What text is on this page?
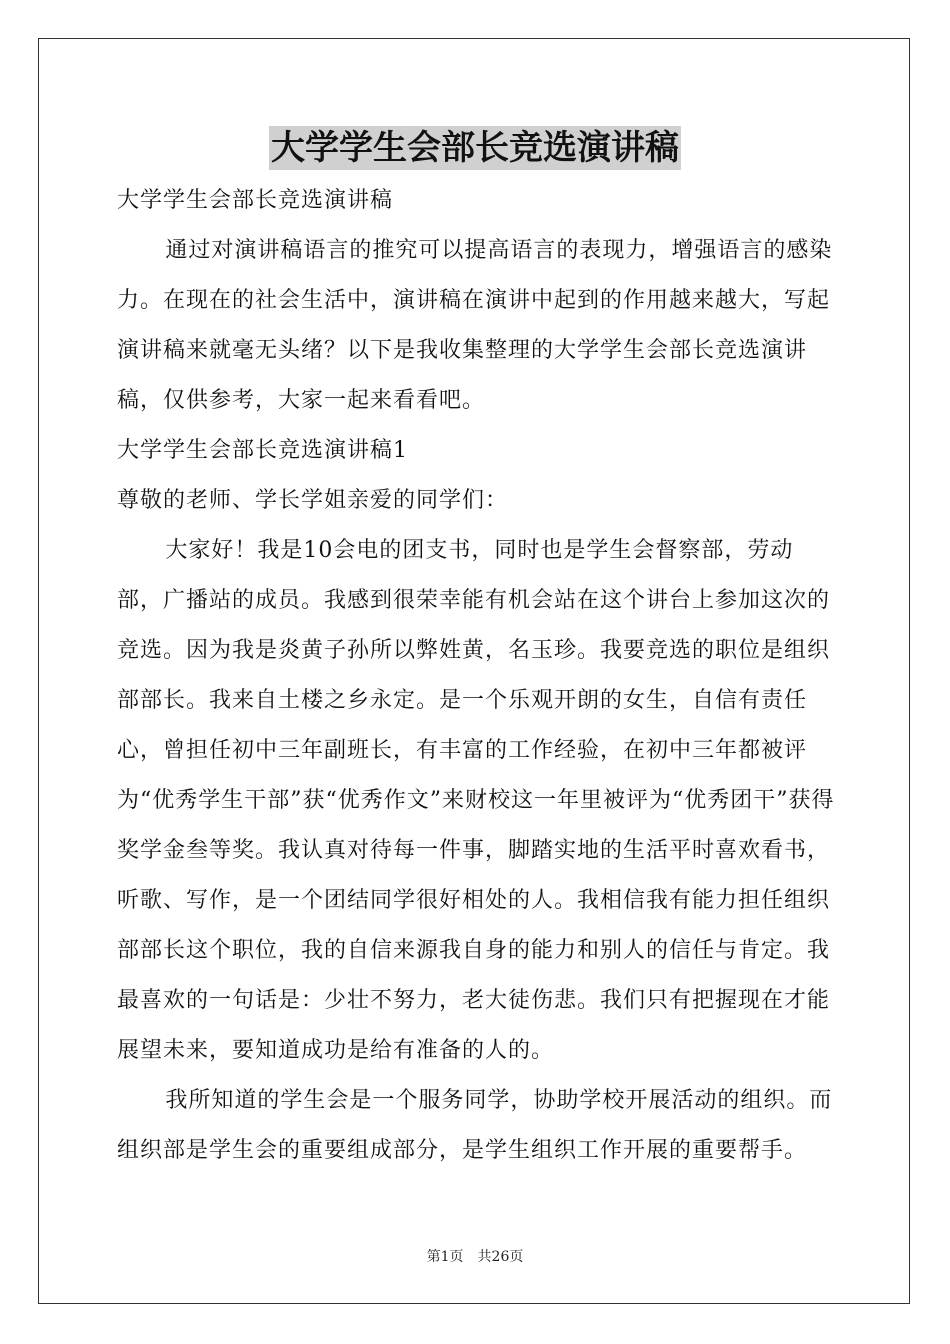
大学学生会部长竞选演讲稿

大学学生会部长竞选演讲稿

通过对演讲稿语言的推究可以提高语言的表现力，增强语言的感染力。在现在的社会生活中，演讲稿在演讲中起到的作用越来越大，写起演讲稿来就毫无头绪？以下是我收集整理的大学学生会部长竞选演讲稿，仅供参考，大家一起来看看吧。

大学学生会部长竞选演讲稿1

尊敬的老师、学长学姐亲爱的同学们：

大家好！我是10会电的团支书，同时也是学生会督察部，劳动部，广播站的成员。我感到很荣幸能有机会站在这个讲台上参加这次的竞选。因为我是炎黄子孙所以弊姓黄，名玉珍。我要竞选的职位是组织部部长。我来自土楼之乡永定。是一个乐观开朗的女生，自信有责任心，曾担任初中三年副班长，有丰富的工作经验，在初中三年都被评为“优秀学生干部”获“优秀作文”来财校这一年里被评为“优秀团干”获得奖学金叁等奖。我认真对待每一件事，脚踏实地的生活平时喜欢看书，听歌、写作，是一个团结同学很好相处的人。我相信我有能力担任组织部部长这个职位，我的自信来源我自身的能力和别人的信任与肯定。我最喜欢的一句话是：少壮不努力，老大徒伤悲。我们只有把握现在才能展望未来，要知道成功是给有准备的人的。

我所知道的学生会是一个服务同学，协助学校开展活动的组织。而组织部是学生会的重要组成部分，是学生组织工作开展的重要帮手。

第1页 共26页
